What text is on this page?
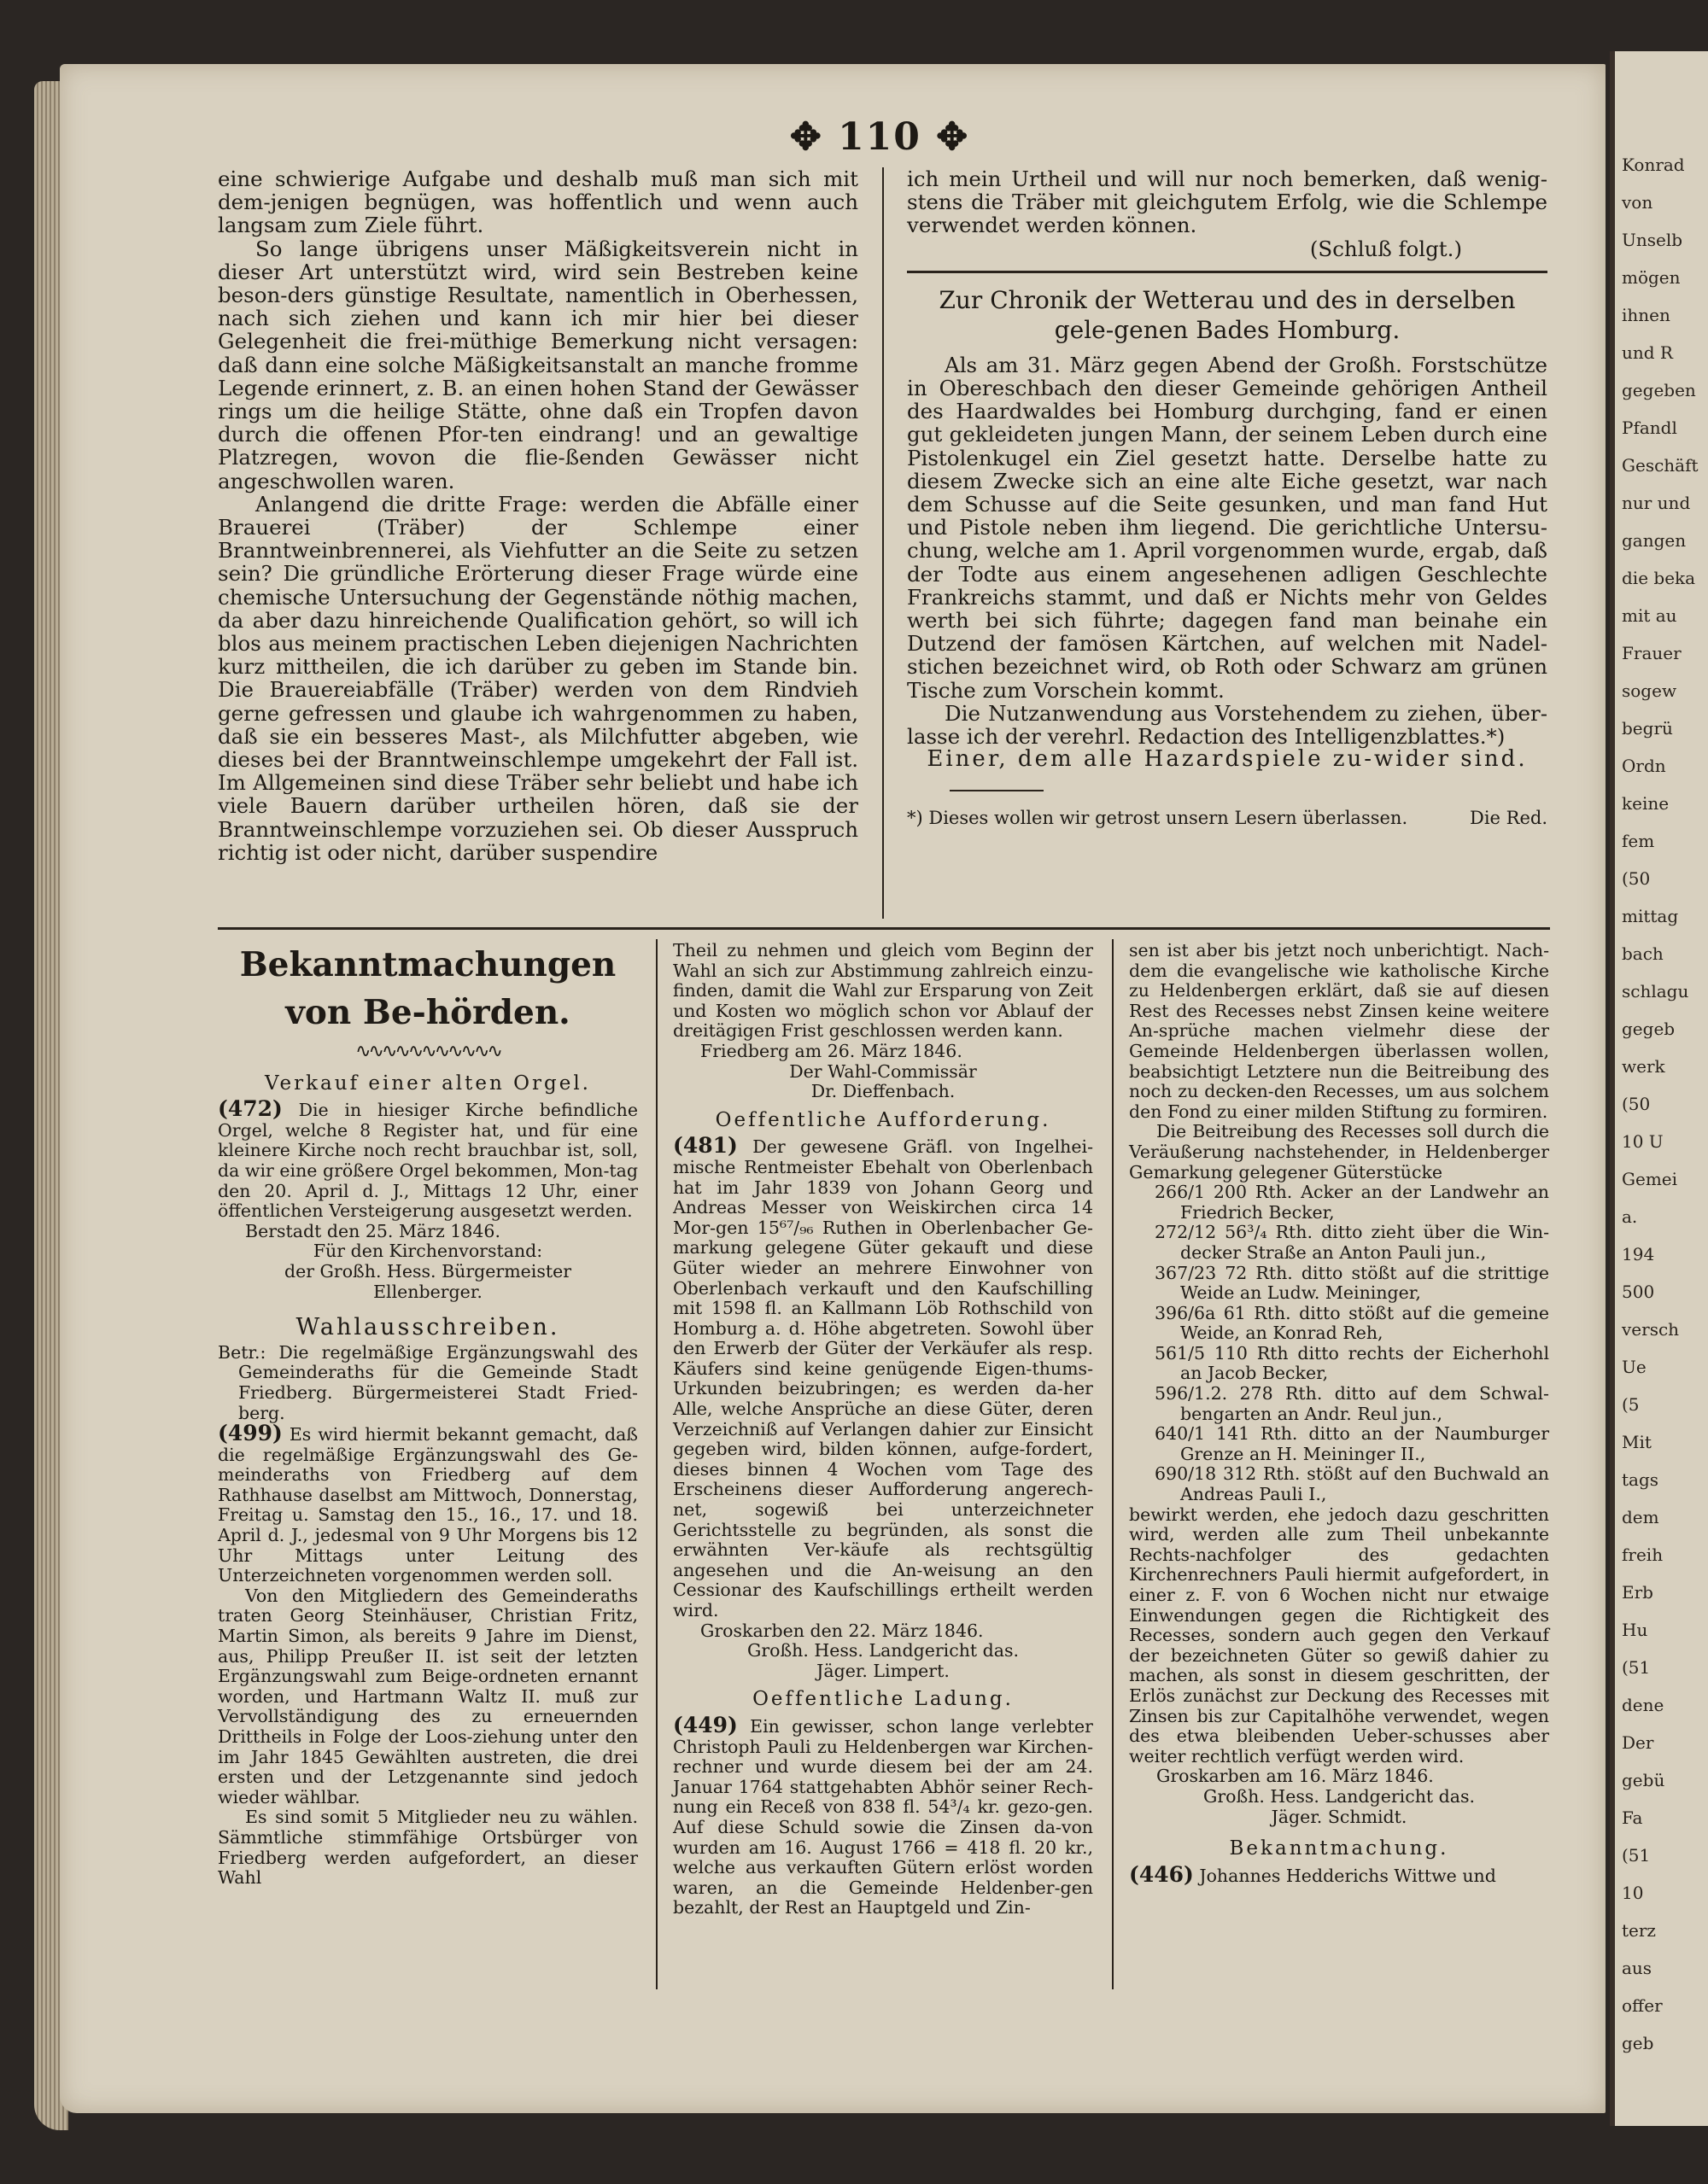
Konrad
von
Unselb
mögen
ihnen
und R
gegeben
Pfandl
Geschäft
nur und
gangen
die beka
mit au
Frauer
sogew
begrü
Ordn
keine
fem
(50
mittag
bach
schlagu
gegeb
werk
(50
10 U
Gemei
a.
194
500
versch
Ue
(5
Mit
tags
dem
freih
Erb
Hu
(51
dene
Der
gebü
Fa
(51
10
terz
aus
offer
geb
✥ 110 ✥

eine schwierige Aufgabe und deshalb muß man sich mit dem-jenigen begnügen, was hoffentlich und wenn auch langsam zum Ziele führt.

So lange übrigens unser Mäßigkeitsverein nicht in dieser Art unterstützt wird, wird sein Bestreben keine beson-ders günstige Resultate, namentlich in Oberhessen, nach sich ziehen und kann ich mir hier bei dieser Gelegenheit die frei-müthige Bemerkung nicht versagen: daß dann eine solche Mäßigkeitsanstalt an manche fromme Legende erinnert, z. B. an einen hohen Stand der Gewässer rings um die heilige Stätte, ohne daß ein Tropfen davon durch die offenen Pfor-ten eindrang! und an gewaltige Platzregen, wovon die flie-ßenden Gewässer nicht angeschwollen waren.

Anlangend die dritte Frage: werden die Abfälle einer Brauerei (Träber) der Schlempe einer Branntweinbrennerei, als Viehfutter an die Seite zu setzen sein? Die gründliche Erörterung dieser Frage würde eine chemische Untersuchung der Gegenstände nöthig machen, da aber dazu hinreichende Qualification gehört, so will ich blos aus meinem practischen Leben diejenigen Nachrichten kurz mittheilen, die ich darüber zu geben im Stande bin. Die Brauereiabfälle (Träber) werden von dem Rindvieh gerne gefressen und glaube ich wahrgenommen zu haben, daß sie ein besseres Mast-, als Milchfutter abgeben, wie dieses bei der Branntweinschlempe umgekehrt der Fall ist. Im Allgemeinen sind diese Träber sehr beliebt und habe ich viele Bauern darüber urtheilen hören, daß sie der Branntweinschlempe vorzuziehen sei. Ob dieser Ausspruch richtig ist oder nicht, darüber suspendire

ich mein Urtheil und will nur noch bemerken, daß wenig-stens die Träber mit gleichgutem Erfolg, wie die Schlempe verwendet werden können.

(Schluß folgt.)

Zur Chronik der Wetterau und des in derselben gele-genen Bades Homburg.

Als am 31. März gegen Abend der Großh. Forstschütze in Obereschbach den dieser Gemeinde gehörigen Antheil des Haardwaldes bei Homburg durchging, fand er einen gut gekleideten jungen Mann, der seinem Leben durch eine Pistolenkugel ein Ziel gesetzt hatte. Derselbe hatte zu diesem Zwecke sich an eine alte Eiche gesetzt, war nach dem Schusse auf die Seite gesunken, und man fand Hut und Pistole neben ihm liegend. Die gerichtliche Untersu-chung, welche am 1. April vorgenommen wurde, ergab, daß der Todte aus einem angesehenen adligen Geschlechte Frankreichs stammt, und daß er Nichts mehr von Geldes werth bei sich führte; dagegen fand man beinahe ein Dutzend der famösen Kärtchen, auf welchen mit Nadel-stichen bezeichnet wird, ob Roth oder Schwarz am grünen Tische zum Vorschein kommt.

Die Nutzanwendung aus Vorstehendem zu ziehen, über-lasse ich der verehrl. Redaction des Intelligenzblattes.*)

Einer, dem alle Hazardspiele zu-wider sind.

*) Dieses wollen wir getrost unsern Lesern überlassen.	Die Red.
Bekanntmachungen von Be-hörden.
∿∿∿∿∿∿∿∿∿∿∿
Verkauf einer alten Orgel.

(472) Die in hiesiger Kirche befindliche Orgel, welche 8 Register hat, und für eine kleinere Kirche noch recht brauchbar ist, soll, da wir eine größere Orgel bekommen, Mon-tag den 20. April d. J., Mittags 12 Uhr, einer öffentlichen Versteigerung ausgesetzt werden.

Berstadt den 25. März 1846.

Für den Kirchenvorstand:

der Großh. Hess. Bürgermeister

Ellenberger.

Wahlausschreiben.

Betr.: Die regelmäßige Ergänzungswahl des Gemeinderaths für die Gemeinde Stadt Friedberg. Bürgermeisterei Stadt Fried-berg.

(499) Es wird hiermit bekannt gemacht, daß die regelmäßige Ergänzungswahl des Ge-meinderaths von Friedberg auf dem Rathhause daselbst am Mittwoch, Donnerstag, Freitag u. Samstag den 15., 16., 17. und 18. April d. J., jedesmal von 9 Uhr Morgens bis 12 Uhr Mittags unter Leitung des Unterzeichneten vorgenommen werden soll.

Von den Mitgliedern des Gemeinderaths traten Georg Steinhäuser, Christian Fritz, Martin Simon, als bereits 9 Jahre im Dienst, aus, Philipp Preußer II. ist seit der letzten Ergänzungswahl zum Beige-ordneten ernannt worden, und Hartmann Waltz II. muß zur Vervollständigung des zu erneuernden Drittheils in Folge der Loos-ziehung unter den im Jahr 1845 Gewählten austreten, die drei ersten und der Letzgenannte sind jedoch wieder wählbar.

Es sind somit 5 Mitglieder neu zu wählen. Sämmtliche stimmfähige Ortsbürger von Friedberg werden aufgefordert, an dieser Wahl

Theil zu nehmen und gleich vom Beginn der Wahl an sich zur Abstimmung zahlreich einzu-finden, damit die Wahl zur Ersparung von Zeit und Kosten wo möglich schon vor Ablauf der dreitägigen Frist geschlossen werden kann.

Friedberg am 26. März 1846.

Der Wahl-Commissär

Dr. Dieffenbach.

Oeffentliche Aufforderung.

(481) Der gewesene Gräfl. von Ingelhei-mische Rentmeister Ebehalt von Oberlenbach hat im Jahr 1839 von Johann Georg und Andreas Messer von Weiskirchen circa 14 Mor-gen 15⁶⁷/₉₆ Ruthen in Oberlenbacher Ge-markung gelegene Güter gekauft und diese Güter wieder an mehrere Einwohner von Oberlenbach verkauft und den Kaufschilling mit 1598 fl. an Kallmann Löb Rothschild von Homburg a. d. Höhe abgetreten. Sowohl über den Erwerb der Güter der Verkäufer als resp. Käufers sind keine genügende Eigen-thums-Urkunden beizubringen; es werden da-her Alle, welche Ansprüche an diese Güter, deren Verzeichniß auf Verlangen dahier zur Einsicht gegeben wird, bilden können, aufge-fordert, dieses binnen 4 Wochen vom Tage des Erscheinens dieser Aufforderung angerech-net, sogewiß bei unterzeichneter Gerichtsstelle zu begründen, als sonst die erwähnten Ver-käufe als rechtsgültig angesehen und die An-weisung an den Cessionar des Kaufschillings ertheilt werden wird.

Groskarben den 22. März 1846.

Großh. Hess. Landgericht das.

Jäger. Limpert.

Oeffentliche Ladung.

(449) Ein gewisser, schon lange verlebter Christoph Pauli zu Heldenbergen war Kirchen-rechner und wurde diesem bei der am 24. Januar 1764 stattgehabten Abhör seiner Rech-nung ein Receß von 838 fl. 54³/₄ kr. gezo-gen. Auf diese Schuld sowie die Zinsen da-von wurden am 16. August 1766 = 418 fl. 20 kr., welche aus verkauften Gütern erlöst worden waren, an die Gemeinde Heldenber-gen bezahlt, der Rest an Hauptgeld und Zin-

sen ist aber bis jetzt noch unberichtigt. Nach-dem die evangelische wie katholische Kirche zu Heldenbergen erklärt, daß sie auf diesen Rest des Recesses nebst Zinsen keine weitere An-sprüche machen vielmehr diese der Gemeinde Heldenbergen überlassen wollen, beabsichtigt Letztere nun die Beitreibung des noch zu decken-den Recesses, um aus solchem den Fond zu einer milden Stiftung zu formiren.

Die Beitreibung des Recesses soll durch die Veräußerung nachstehender, in Heldenberger Gemarkung gelegener Güterstücke

266/1 200 Rth. Acker an der Landwehr an Friedrich Becker,

272/12 56³/₄ Rth. ditto zieht über die Win-decker Straße an Anton Pauli jun.,

367/23 72 Rth. ditto stößt auf die strittige Weide an Ludw. Meininger,

396/6a 61 Rth. ditto stößt auf die gemeine Weide, an Konrad Reh,

561/5 110 Rth ditto rechts der Eicherhohl an Jacob Becker,

596/1.2. 278 Rth. ditto auf dem Schwal-bengarten an Andr. Reul jun.,

640/1 141 Rth. ditto an der Naumburger Grenze an H. Meininger II.,

690/18 312 Rth. stößt auf den Buchwald an Andreas Pauli I.,

bewirkt werden, ehe jedoch dazu geschritten wird, werden alle zum Theil unbekannte Rechts-nachfolger des gedachten Kirchenrechners Pauli hiermit aufgefordert, in einer z. F. von 6 Wochen nicht nur etwaige Einwendungen gegen die Richtigkeit des Recesses, sondern auch gegen den Verkauf der bezeichneten Güter so gewiß dahier zu machen, als sonst in diesem geschritten, der Erlös zunächst zur Deckung des Recesses mit Zinsen bis zur Capitalhöhe verwendet, wegen des etwa bleibenden Ueber-schusses aber weiter rechtlich verfügt werden wird.

Groskarben am 16. März 1846.

Großh. Hess. Landgericht das.

Jäger. Schmidt.

Bekanntmachung.

(446) Johannes Hedderichs Wittwe und
